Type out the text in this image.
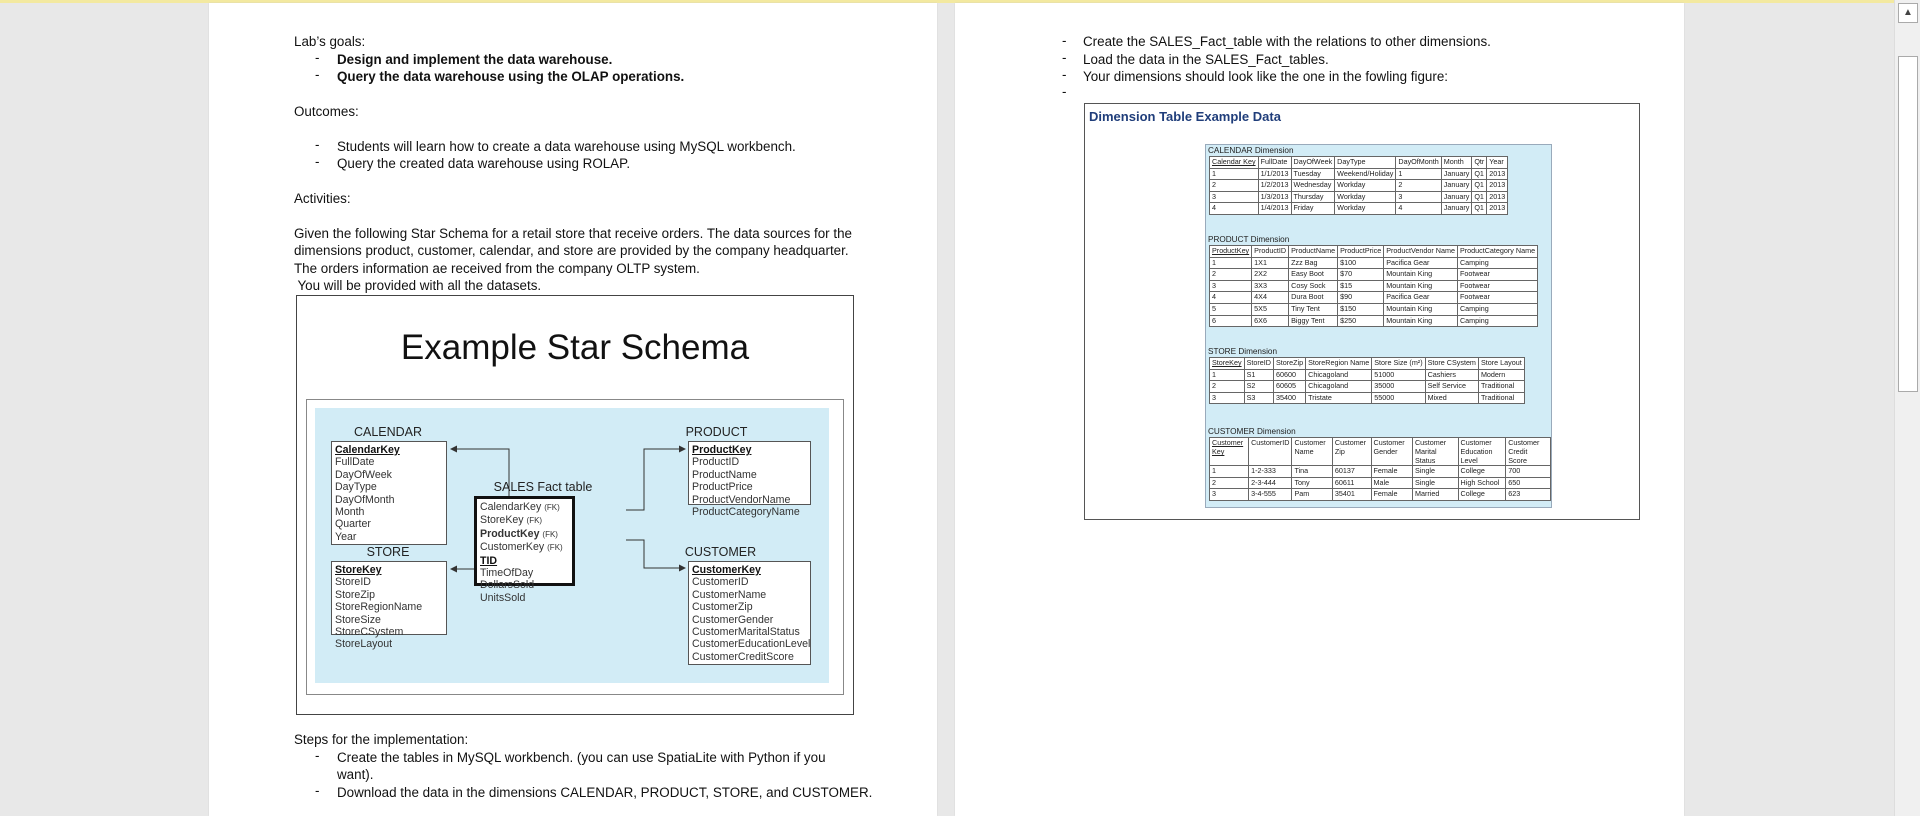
Lab’s goals:
- Design and implement the data warehouse.
- Query the data warehouse using the OLAP operations.
Outcomes:
- Students will learn how to create a data warehouse using MySQL workbench.
- Query the created data warehouse using ROLAP.
Activities:
Given the following Star Schema for a retail store that receive orders. The data sources for the
dimensions product, customer, calendar, and store are provided by the company headquarter.
The orders information ae received from the company OLTP system.
You will be provided with all the datasets.
Example Star Schema
CALENDAR
CalendarKey
FullDate
DayOfWeek
DayType
DayOfMonth
Month
Quarter
Year
STORE
StoreKey
StoreID
StoreZip
StoreRegionName
StoreSize
StoreCSystem
StoreLayout
SALES Fact table
CalendarKey (FK)
StoreKey (FK)
ProductKey (FK)
CustomerKey (FK)
TID
TimeOfDay
DollarsSold
UnitsSold
PRODUCT
ProductKey
ProductID
ProductName
ProductPrice
ProductVendorName
ProductCategoryName
CUSTOMER
CustomerKey
CustomerID
CustomerName
CustomerZip
CustomerGender
CustomerMaritalStatus
CustomerEducationLevel
CustomerCreditScore
Steps for the implementation:
- Create the tables in MySQL workbench. (you can use SpatiaLite with Python if you
want).
- Download the data in the dimensions CALENDAR, PRODUCT, STORE, and CUSTOMER.
- Create the SALES_Fact_table with the relations to other dimensions.
- Load the data in the SALES_Fact_tables.
- Your dimensions should look like the one in the fowling figure:
-
Dimension Table Example Data
CALENDAR Dimension
Calendar Key	FullDate	DayOfWeek	DayType	DayOfMonth	Month	Qtr	Year
1	1/1/2013	Tuesday	Weekend/Holiday	1	January	Q1	2013
2	1/2/2013	Wednesday	Workday	2	January	Q1	2013
3	1/3/2013	Thursday	Workday	3	January	Q1	2013
4	1/4/2013	Friday	Workday	4	January	Q1	2013
PRODUCT Dimension
ProductKey	ProductID	ProductName	ProductPrice	ProductVendor Name	ProductCategory Name
1	1X1	Zzz Bag	$100	Pacifica Gear	Camping
2	2X2	Easy Boot	$70	Mountain King	Footwear
3	3X3	Cosy Sock	$15	Mountain King	Footwear
4	4X4	Dura Boot	$90	Pacifica Gear	Footwear
5	5X5	Tiny Tent	$150	Mountain King	Camping
6	6X6	Biggy Tent	$250	Mountain King	Camping
STORE Dimension
StoreKey	StoreID	StoreZip	StoreRegion Name	Store Size (m²)	Store CSystem	Store Layout
1	S1	60600	Chicagoland	51000	Cashiers	Modern
2	S2	60605	Chicagoland	35000	Self Service	Traditional
3	S3	35400	Tristate	55000	Mixed	Traditional
CUSTOMER Dimension
Customer Key	CustomerID	Customer Name	Customer Zip	Customer Gender	Customer Marital Status	Customer Education Level	Customer Credit Score
1	1-2-333	Tina	60137	Female	Single	College	700
2	2-3-444	Tony	60611	Male	Single	High School	650
3	3-4-555	Pam	35401	Female	Married	College	623
▲
